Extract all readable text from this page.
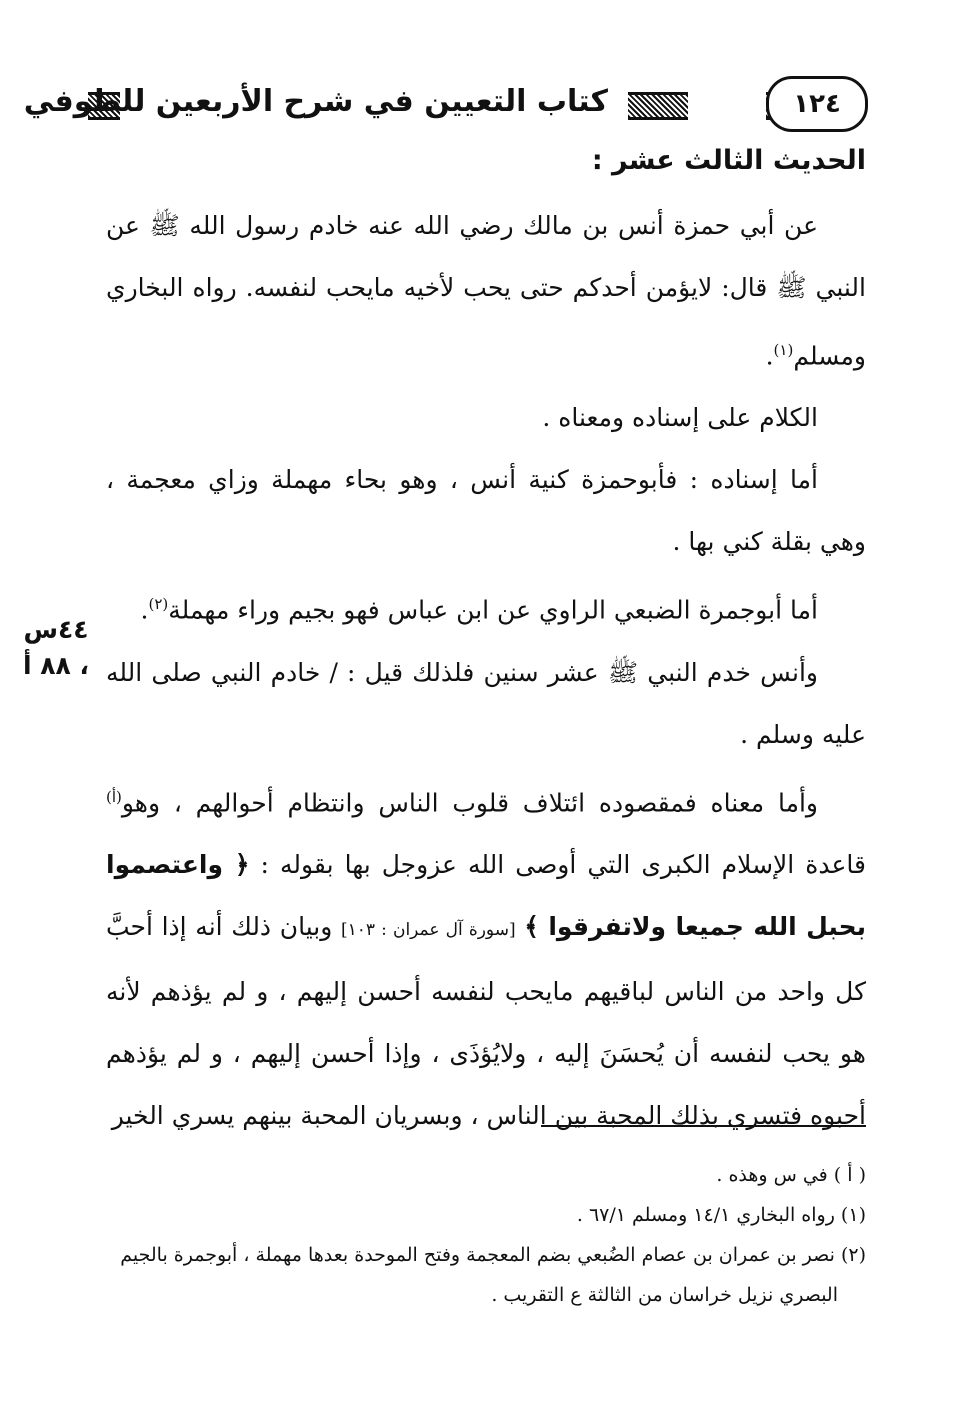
١٢٤
كتاب التعيين في شرح الأربعين للطوفي
الحديث الثالث عشر :

عن أبي حمزة أنس بن مالك رضي الله عنه خادم رسول الله ﷺ عن النبي ﷺ قال: لايؤمن أحدكم حتى يحب لأخيه مايحب لنفسه. رواه البخاري ومسلم$^{(١)}$.

الكلام على إسناده ومعناه .

أما إسناده : فأبوحمزة كنية أنس ، وهو بحاء مهملة وزاي معجمة ، وهي بقلة كني بها .

أما أبوجمرة الضبعي الراوي عن ابن عباس فهو بجيم وراء مهملة$^{(٢)}$.

وأنس خدم النبي ﷺ عشر سنين فلذلك قيل : / خادم النبي صلى الله عليه وسلم .

وأما معناه فمقصوده ائتلاف قلوب الناس وانتظام أحوالهم ، وهو$^{(أ)}$ قاعدة الإسلام الكبرى التي أوصى الله عزوجل بها بقوله : ﴿ واعتصموا بحبل الله جميعا ولاتفرقوا ﴾ [سورة آل عمران : ١٠٣] وبيان ذلك أنه إذا أحبَّ كل واحد من الناس لباقيهم مايحب لنفسه أحسن إليهم ، و لم يؤذهم لأنه هو يحب لنفسه أن يُحسَنَ إليه ، ولايُؤذَى ، وإذا أحسن إليهم ، و لم يؤذهم أحبوه فتسري بذلك المحبة بين الناس ، وبسريان المحبة بينهم يسري الخير

٤٤س
، ٨٨ أ
( أ ) في س وهذه .
(١) رواه البخاري ١٤/١ ومسلم ٦٧/١ .
(٢) نصر بن عمران بن عصام الضُبعي بضم المعجمة وفتح الموحدة بعدها مهملة ، أبوجمرة بالجيم
البصري نزيل خراسان من الثالثة ع التقريب .
